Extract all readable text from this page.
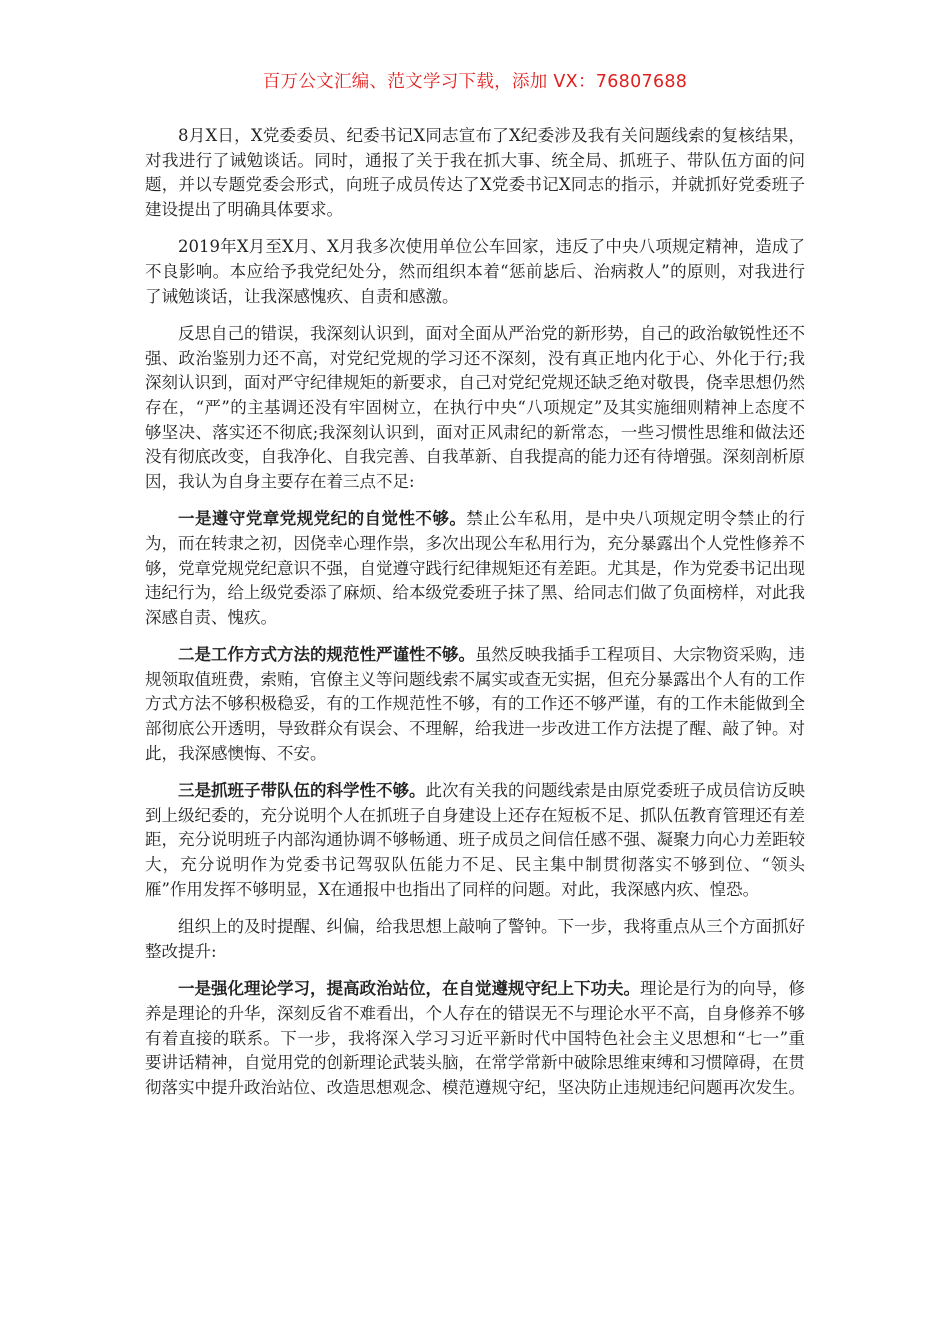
百万公文汇编、范文学习下载，添加 VX：76807688

8月X日，X党委委员、纪委书记X同志宣布了X纪委涉及我有关问题线索的复核结果，对我进行了诫勉谈话。同时，通报了关于我在抓大事、统全局、抓班子、带队伍方面的问题，并以专题党委会形式，向班子成员传达了X党委书记X同志的指示，并就抓好党委班子建设提出了明确具体要求。

2019年X月至X月、X月我多次使用单位公车回家，违反了中央八项规定精神，造成了不良影响。本应给予我党纪处分，然而组织本着“惩前毖后、治病救人”的原则，对我进行了诫勉谈话，让我深感愧疚、自责和感激。

反思自己的错误，我深刻认识到，面对全面从严治党的新形势，自己的政治敏锐性还不强、政治鉴别力还不高，对党纪党规的学习还不深刻，没有真正地内化于心、外化于行;我深刻认识到，面对严守纪律规矩的新要求，自己对党纪党规还缺乏绝对敬畏，侥幸思想仍然存在，“严”的主基调还没有牢固树立，在执行中央“八项规定”及其实施细则精神上态度不够坚决、落实还不彻底;我深刻认识到，面对正风肃纪的新常态，一些习惯性思维和做法还没有彻底改变，自我净化、自我完善、自我革新、自我提高的能力还有待增强。深刻剖析原因，我认为自身主要存在着三点不足:

一是遵守党章党规党纪的自觉性不够。禁止公车私用，是中央八项规定明令禁止的行为，而在转隶之初，因侥幸心理作祟，多次出现公车私用行为，充分暴露出个人党性修养不够，党章党规党纪意识不强，自觉遵守践行纪律规矩还有差距。尤其是，作为党委书记出现违纪行为，给上级党委添了麻烦、给本级党委班子抹了黑、给同志们做了负面榜样，对此我深感自责、愧疚。

二是工作方式方法的规范性严谨性不够。虽然反映我插手工程项目、大宗物资采购，违规领取值班费，索贿，官僚主义等问题线索不属实或查无实据，但充分暴露出个人有的工作方式方法不够积极稳妥，有的工作规范性不够，有的工作还不够严谨，有的工作未能做到全部彻底公开透明，导致群众有误会、不理解，给我进一步改进工作方法提了醒、敲了钟。对此，我深感懊悔、不安。

三是抓班子带队伍的科学性不够。此次有关我的问题线索是由原党委班子成员信访反映到上级纪委的，充分说明个人在抓班子自身建设上还存在短板不足、抓队伍教育管理还有差距，充分说明班子内部沟通协调不够畅通、班子成员之间信任感不强、凝聚力向心力差距较大，充分说明作为党委书记驾驭队伍能力不足、民主集中制贯彻落实不够到位、“领头雁”作用发挥不够明显，X在通报中也指出了同样的问题。对此，我深感内疚、惶恐。

组织上的及时提醒、纠偏，给我思想上敲响了警钟。下一步，我将重点从三个方面抓好整改提升:

一是强化理论学习，提高政治站位，在自觉遵规守纪上下功夫。理论是行为的向导，修养是理论的升华，深刻反省不难看出，个人存在的错误无不与理论水平不高，自身修养不够有着直接的联系。下一步，我将深入学习习近平新时代中国特色社会主义思想和“七一”重要讲话精神，自觉用党的创新理论武装头脑，在常学常新中破除思维束缚和习惯障碍，在贯彻落实中提升政治站位、改造思想观念、模范遵规守纪，坚决防止违规违纪问题再次发生。
